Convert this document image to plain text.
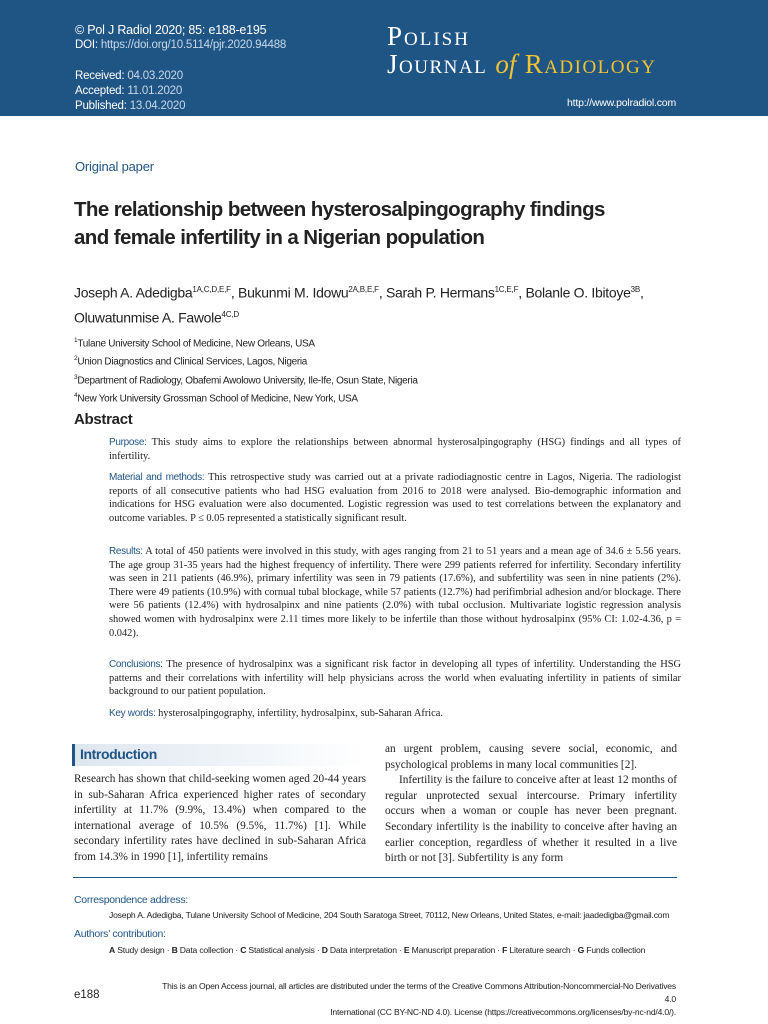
© Pol J Radiol 2020; 85: e188-e195
DOI: https://doi.org/10.5114/pjr.2020.94488
Received: 04.03.2020
Accepted: 11.01.2020
Published: 13.04.2020
Polish
Journal of Radiology
http://www.polradiol.com
Original paper
The relationship between hysterosalpingography findings
and female infertility in a Nigerian population
Joseph A. Adedigba$^{1A,C,D,E,F}$, Bukunmi M. Idowu$^{2A,B,E,F}$, Sarah P. Hermans$^{1C,E,F}$, Bolanle O. Ibitoye$^{3B}$,
Oluwatunmise A. Fawole$^{4C,D}$
$^1$Tulane University School of Medicine, New Orleans, USA
$^2$Union Diagnostics and Clinical Services, Lagos, Nigeria
$^3$Department of Radiology, Obafemi Awolowo University, Ile-Ife, Osun State, Nigeria
$^4$New York University Grossman School of Medicine, New York, USA
Abstract
Purpose: This study aims to explore the relationships between abnormal hysterosalpingography (HSG) findings and all types of infertility.
Material and methods: This retrospective study was carried out at a private radiodiagnostic centre in Lagos, Nigeria. The radiologist reports of all consecutive patients who had HSG evaluation from 2016 to 2018 were analysed. Bio-demographic information and indications for HSG evaluation were also documented. Logistic regression was used to test correlations between the explanatory and outcome variables. P ≤ 0.05 represented a statistically significant result.
Results: A total of 450 patients were involved in this study, with ages ranging from 21 to 51 years and a mean age of 34.6 ± 5.56 years. The age group 31-35 years had the highest frequency of infertility. There were 299 patients referred for infertility. Secondary infertility was seen in 211 patients (46.9%), primary infertility was seen in 79 patients (17.6%), and subfertility was seen in nine patients (2%). There were 49 patients (10.9%) with cornual tubal blockage, while 57 patients (12.7%) had perifimbrial adhesion and/or blockage. There were 56 patients (12.4%) with hydrosalpinx and nine patients (2.0%) with tubal occlusion. Multivariate logistic regression analysis showed women with hydrosalpinx were 2.11 times more likely to be infertile than those without hydrosalpinx (95% CI: 1.02-4.36, p = 0.042).
Conclusions: The presence of hydrosalpinx was a significant risk factor in developing all types of infertility. Understanding the HSG patterns and their correlations with infertility will help physicians across the world when evaluating infertility in patients of similar background to our patient population.
Key words: hysterosalpingography, infertility, hydrosalpinx, sub-Saharan Africa.
Introduction

Research has shown that child-seeking women aged 20-44 years in sub-Saharan Africa experienced higher rates of secondary infertility at 11.7% (9.9%, 13.4%) when compared to the international average of 10.5% (9.5%, 11.7%) [1]. While secondary infertility rates have declined in sub-Saharan Africa from 14.3% in 1990 [1], infertility remains

an urgent problem, causing severe social, economic, and psychological problems in many local communities [2].

Infertility is the failure to conceive after at least 12 months of regular unprotected sexual intercourse. Primary infertility occurs when a woman or couple has never been pregnant. Secondary infertility is the inability to conceive after having an earlier conception, regardless of whether it resulted in a live birth or not [3]. Subfertility is any form

Correspondence address:
Joseph A. Adedigba, Tulane University School of Medicine, 204 South Saratoga Street, 70112, New Orleans, United States, e-mail: jaadedigba@gmail.com
Authors’ contribution:
A Study design · B Data collection · C Statistical analysis · D Data interpretation · E Manuscript preparation · F Literature search · G Funds collection
e188
This is an Open Access journal, all articles are distributed under the terms of the Creative Commons Attribution-Noncommercial-No Derivatives 4.0
International (CC BY-NC-ND 4.0). License (https://creativecommons.org/licenses/by-nc-nd/4.0/).
